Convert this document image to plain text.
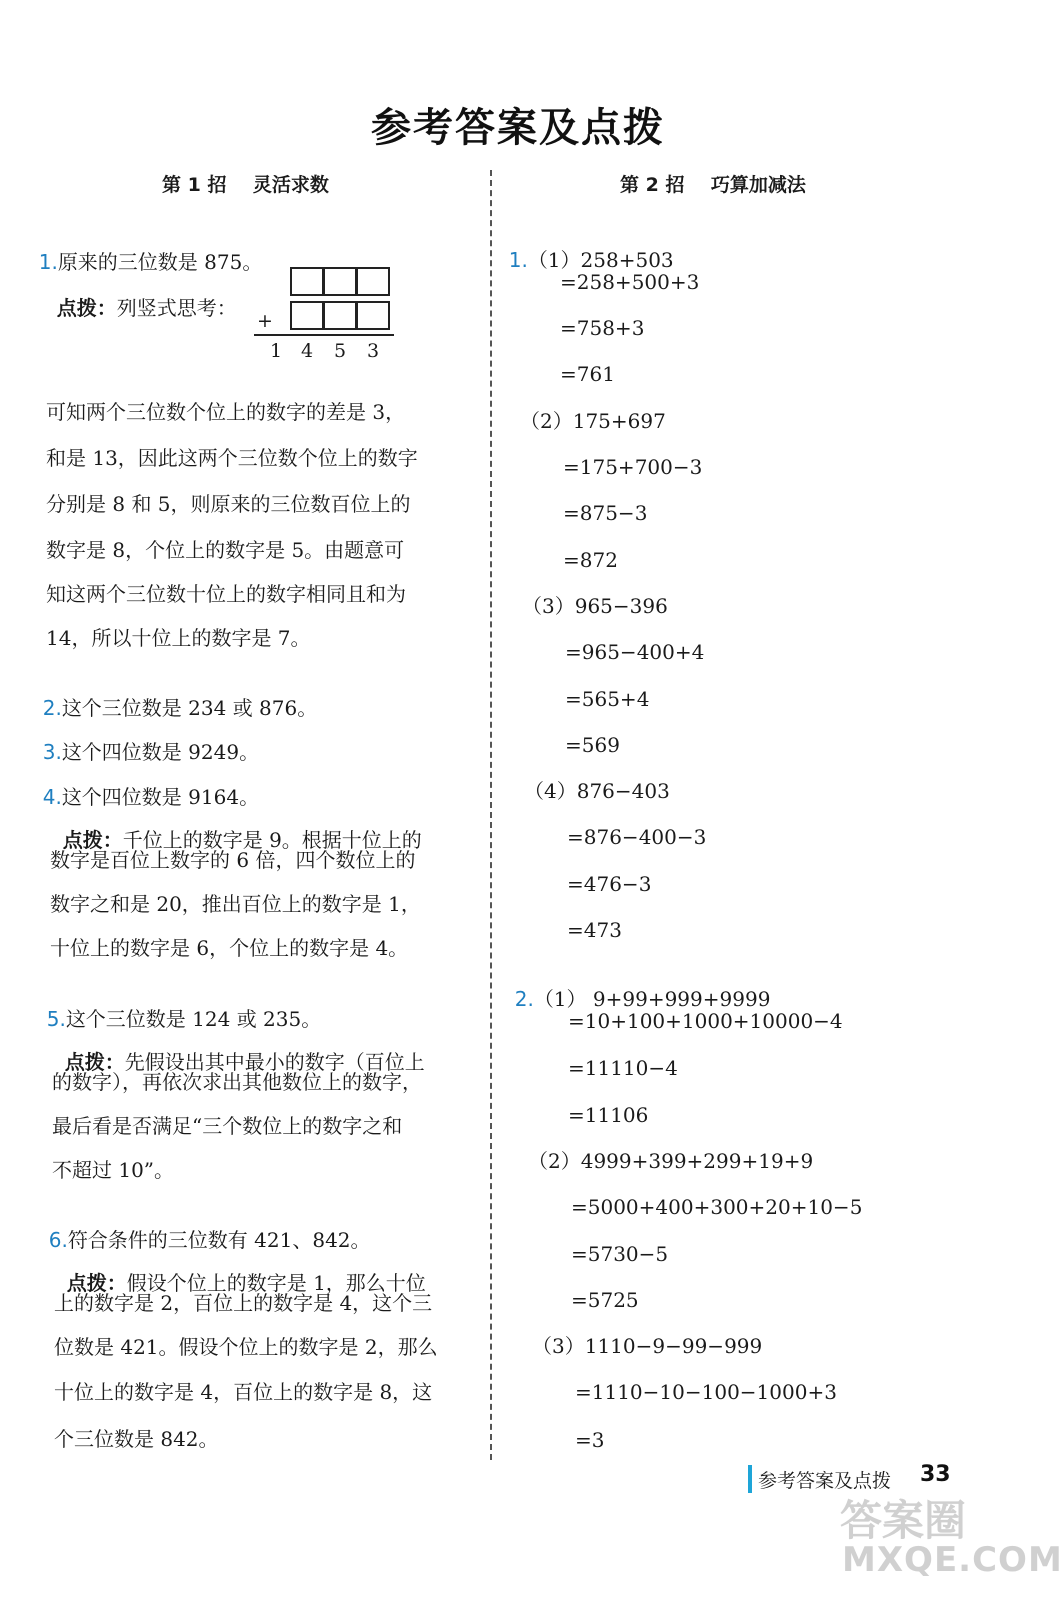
参考答案及点拨
第 1 招    灵活求数	第 2 招    巧算加减法

1.原来的三位数是 875。

点拨：列竖式思考：

+
1 4 5 3
可知两个三位数个位上的数字的差是 3，
和是 13，因此这两个三位数个位上的数字
分别是 8 和 5，则原来的三位数百位上的
数字是 8，个位上的数字是 5。由题意可
知这两个三位数十位上的数字相同且和为
14，所以十位上的数字是 7。

2.这个三位数是 234 或 876。

3.这个四位数是 9249。

4.这个四位数是 9164。

点拨：千位上的数字是 9。根据十位上的

数字是百位上数字的 6 倍，四个数位上的
数字之和是 20，推出百位上的数字是 1，
十位上的数字是 6，个位上的数字是 4。

5.这个三位数是 124 或 235。

点拨：先假设出其中最小的数字（百位上

的数字），再依次求出其他数位上的数字，
最后看是否满足“三个数位上的数字之和
不超过 10”。

6.符合条件的三位数有 421、842。

点拨：假设个位上的数字是 1，那么十位

上的数字是 2，百位上的数字是 4，这个三
位数是 421。假设个位上的数字是 2，那么
十位上的数字是 4，百位上的数字是 8，这
个三位数是 842。

1.（1）258+503

=258+500+3
=758+3
=761
（2）175+697
=175+700−3
=875−3
=872
（3）965−396
=965−400+4
=565+4
=569
（4）876−403
=876−400−3
=476−3
=473

2.（1） 9+99+999+9999

=10+100+1000+10000−4
=11110−4
=11106
（2）4999+399+299+19+9
=5000+400+300+20+10−5
=5730−5
=5725
（3）1110−9−99−999
=1110−10−100−1000+3
=3
参考答案及点拨 33
答案圈
MXQE.COM
